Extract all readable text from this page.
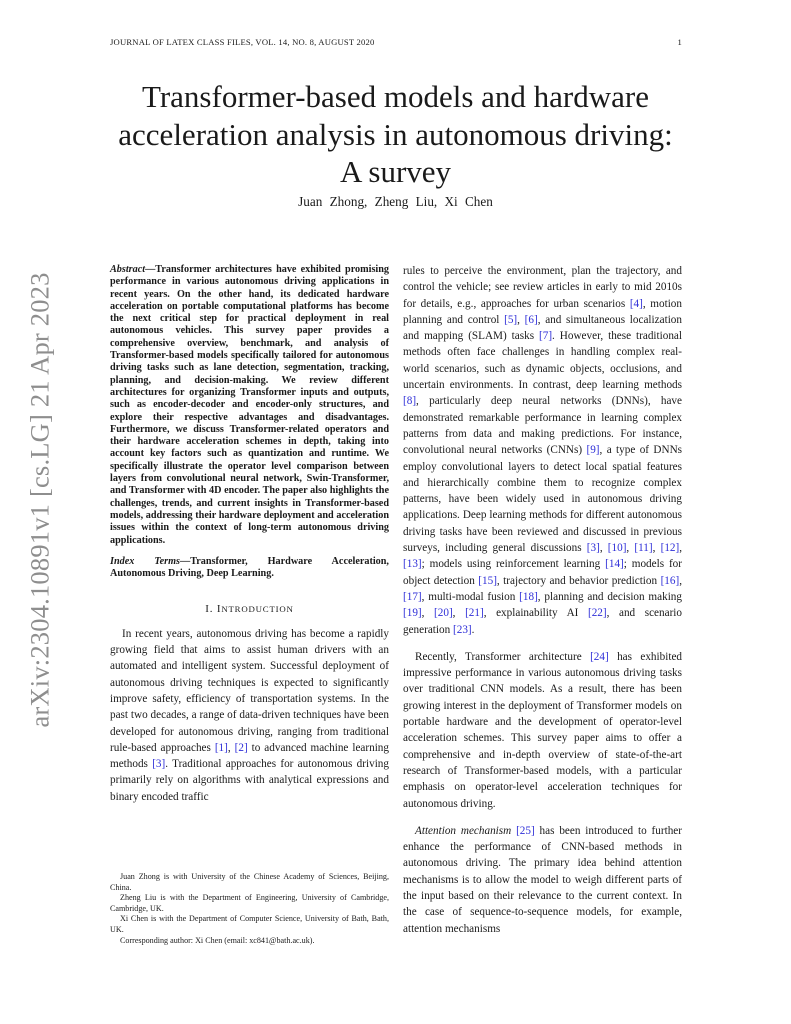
JOURNAL OF LATEX CLASS FILES, VOL. 14, NO. 8, AUGUST 2020	1
arXiv:2304.10891v1 [cs.LG] 21 Apr 2023
Transformer-based models and hardware
acceleration analysis in autonomous driving:
A survey
Juan Zhong, Zheng Liu, Xi Chen
Abstract—Transformer architectures have exhibited promising performance in various autonomous driving applications in recent years. On the other hand, its dedicated hardware acceleration on portable computational platforms has become the next critical step for practical deployment in real autonomous vehicles. This survey paper provides a comprehensive overview, benchmark, and analysis of Transformer-based models specifically tailored for autonomous driving tasks such as lane detection, segmentation, tracking, planning, and decision-making. We review different architectures for organizing Transformer inputs and outputs, such as encoder-decoder and encoder-only structures, and explore their respective advantages and disadvantages. Furthermore, we discuss Transformer-related operators and their hardware acceleration schemes in depth, taking into account key factors such as quantization and runtime. We specifically illustrate the operator level comparison between layers from convolutional neural network, Swin-Transformer, and Transformer with 4D encoder. The paper also highlights the challenges, trends, and current insights in Transformer-based models, addressing their hardware deployment and acceleration issues within the context of long-term autonomous driving applications.
Index Terms—Transformer, Hardware Acceleration, Autonomous Driving, Deep Learning.
I. INTRODUCTION

In recent years, autonomous driving has become a rapidly growing field that aims to assist human drivers with an automated and intelligent system. Successful deployment of autonomous driving techniques is expected to significantly improve safety, efficiency of transportation systems. In the past two decades, a range of data-driven techniques have been developed for autonomous driving, ranging from traditional rule-based approaches [1], [2] to advanced machine learning methods [3]. Traditional approaches for autonomous driving primarily rely on algorithms with analytical expressions and binary encoded traffic

Juan Zhong is with University of the Chinese Academy of Sciences, Beijing, China.

Zheng Liu is with the Department of Engineering, University of Cambridge, Cambridge, UK.

Xi Chen is with the Department of Computer Science, University of Bath, Bath, UK.

Corresponding author: Xi Chen (email: xc841@bath.ac.uk).

rules to perceive the environment, plan the trajectory, and control the vehicle; see review articles in early to mid 2010s for details, e.g., approaches for urban scenarios [4], motion planning and control [5], [6], and simultaneous localization and mapping (SLAM) tasks [7]. However, these traditional methods often face challenges in handling complex real-world scenarios, such as dynamic objects, occlusions, and uncertain environments. In contrast, deep learning methods [8], particularly deep neural networks (DNNs), have demonstrated remarkable performance in learning complex patterns from data and making predictions. For instance, convolutional neural networks (CNNs) [9], a type of DNNs employ convolutional layers to detect local spatial features and hierarchically combine them to recognize complex patterns, have been widely used in autonomous driving applications. Deep learning methods for different autonomous driving tasks have been reviewed and discussed in previous surveys, including general discussions [3], [10], [11], [12], [13]; models using reinforcement learning [14]; models for object detection [15], trajectory and behavior prediction [16], [17], multi-modal fusion [18], planning and decision making [19], [20], [21], explainability AI [22], and scenario generation [23].

Recently, Transformer architecture [24] has exhibited impressive performance in various autonomous driving tasks over traditional CNN models. As a result, there has been growing interest in the deployment of Transformer models on portable hardware and the development of operator-level acceleration schemes. This survey paper aims to offer a comprehensive and in-depth overview of state-of-the-art research of Transformer-based models, with a particular emphasis on operator-level acceleration techniques for autonomous driving.

Attention mechanism [25] has been introduced to further enhance the performance of CNN-based methods in autonomous driving. The primary idea behind attention mechanisms is to allow the model to weigh different parts of the input based on their relevance to the current context. In the case of sequence-to-sequence models, for example, attention mechanisms
